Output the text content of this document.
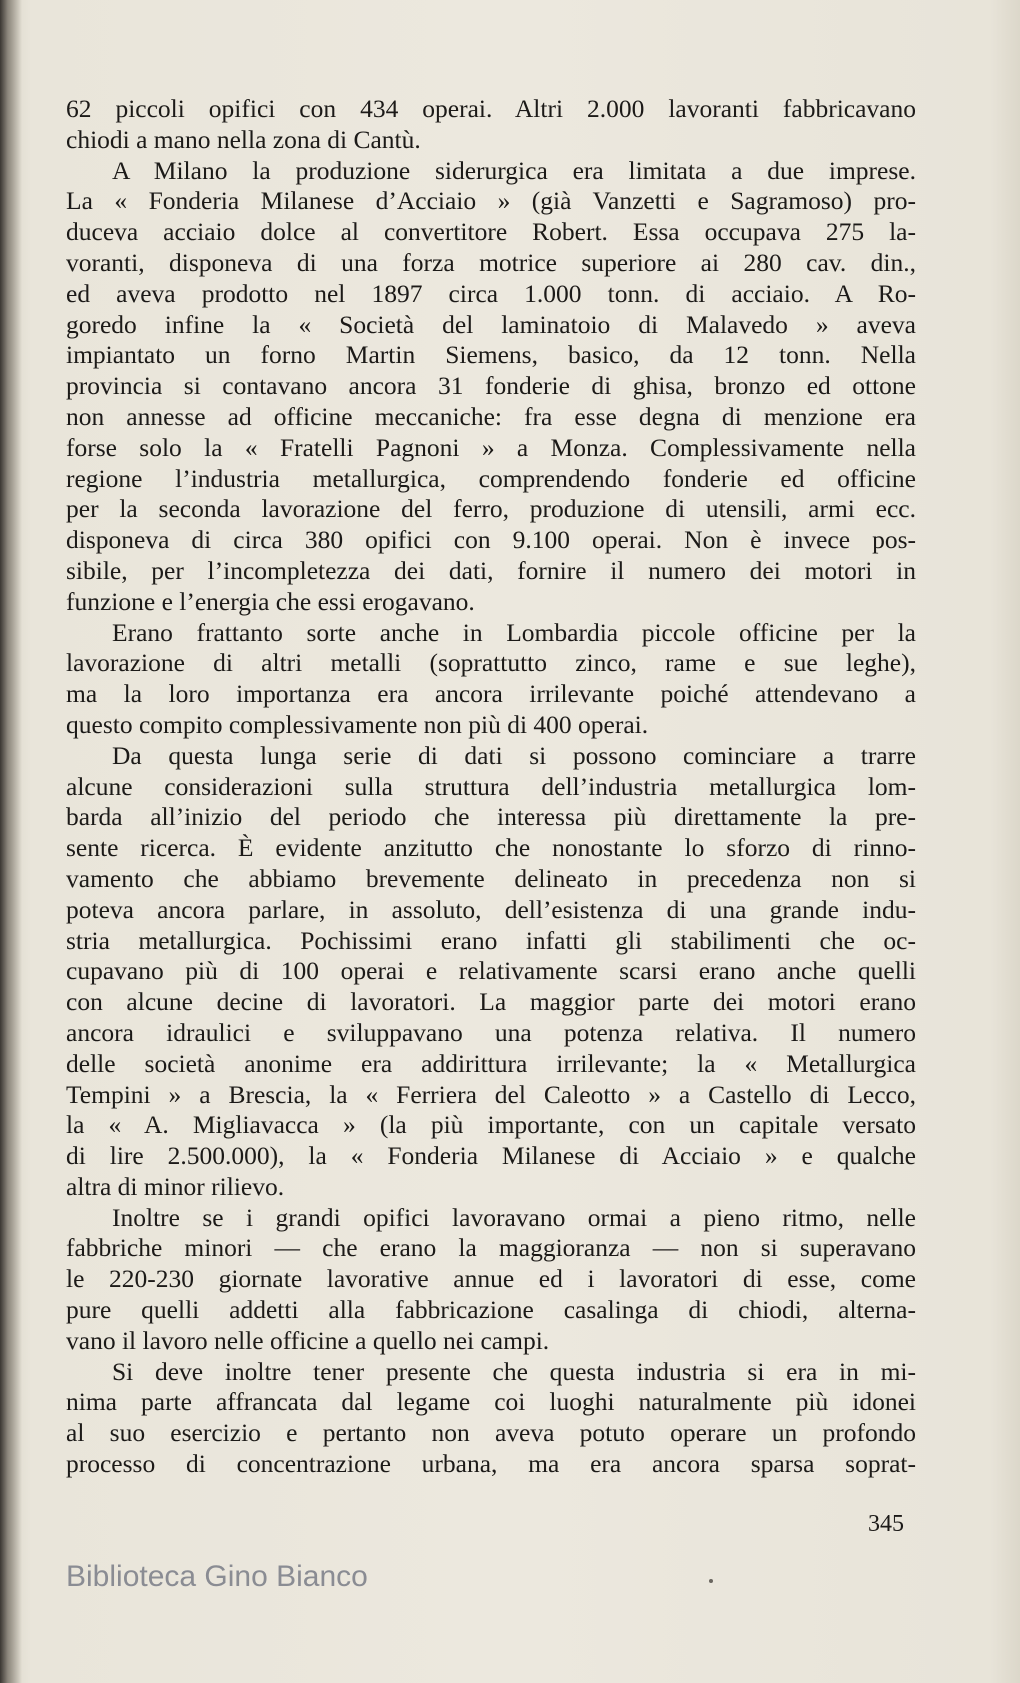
62 piccoli opifici con 434 operai. Altri 2.000 lavoranti fabbricavano
chiodi a mano nella zona di Cantù.
A Milano la produzione siderurgica era limitata a due imprese.
La « Fonderia Milanese d’Acciaio » (già Vanzetti e Sagramoso) pro-
duceva acciaio dolce al convertitore Robert. Essa occupava 275 la-
voranti, disponeva di una forza motrice superiore ai 280 cav. din.,
ed aveva prodotto nel 1897 circa 1.000 tonn. di acciaio. A Ro-
goredo infine la « Società del laminatoio di Malavedo » aveva
impiantato un forno Martin Siemens, basico, da 12 tonn. Nella
provincia si contavano ancora 31 fonderie di ghisa, bronzo ed ottone
non annesse ad officine meccaniche: fra esse degna di menzione era
forse solo la « Fratelli Pagnoni » a Monza. Complessivamente nella
regione l’industria metallurgica, comprendendo fonderie ed officine
per la seconda lavorazione del ferro, produzione di utensili, armi ecc.
disponeva di circa 380 opifici con 9.100 operai. Non è invece pos-
sibile, per l’incompletezza dei dati, fornire il numero dei motori in
funzione e l’energia che essi erogavano.
Erano frattanto sorte anche in Lombardia piccole officine per la
lavorazione di altri metalli (soprattutto zinco, rame e sue leghe),
ma la loro importanza era ancora irrilevante poiché attendevano a
questo compito complessivamente non più di 400 operai.
Da questa lunga serie di dati si possono cominciare a trarre
alcune considerazioni sulla struttura dell’industria metallurgica lom-
barda all’inizio del periodo che interessa più direttamente la pre-
sente ricerca. È evidente anzitutto che nonostante lo sforzo di rinno-
vamento che abbiamo brevemente delineato in precedenza non si
poteva ancora parlare, in assoluto, dell’esistenza di una grande indu-
stria metallurgica. Pochissimi erano infatti gli stabilimenti che oc-
cupavano più di 100 operai e relativamente scarsi erano anche quelli
con alcune decine di lavoratori. La maggior parte dei motori erano
ancora idraulici e sviluppavano una potenza relativa. Il numero
delle società anonime era addirittura irrilevante; la « Metallurgica
Tempini » a Brescia, la « Ferriera del Caleotto » a Castello di Lecco,
la « A. Migliavacca » (la più importante, con un capitale versato
di lire 2.500.000), la « Fonderia Milanese di Acciaio » e qualche
altra di minor rilievo.
Inoltre se i grandi opifici lavoravano ormai a pieno ritmo, nelle
fabbriche minori — che erano la maggioranza — non si superavano
le 220-230 giornate lavorative annue ed i lavoratori di esse, come
pure quelli addetti alla fabbricazione casalinga di chiodi, alterna-
vano il lavoro nelle officine a quello nei campi.
Si deve inoltre tener presente che questa industria si era in mi-
nima parte affrancata dal legame coi luoghi naturalmente più idonei
al suo esercizio e pertanto non aveva potuto operare un profondo
processo di concentrazione urbana, ma era ancora sparsa soprat-
345
Biblioteca Gino Bianco
